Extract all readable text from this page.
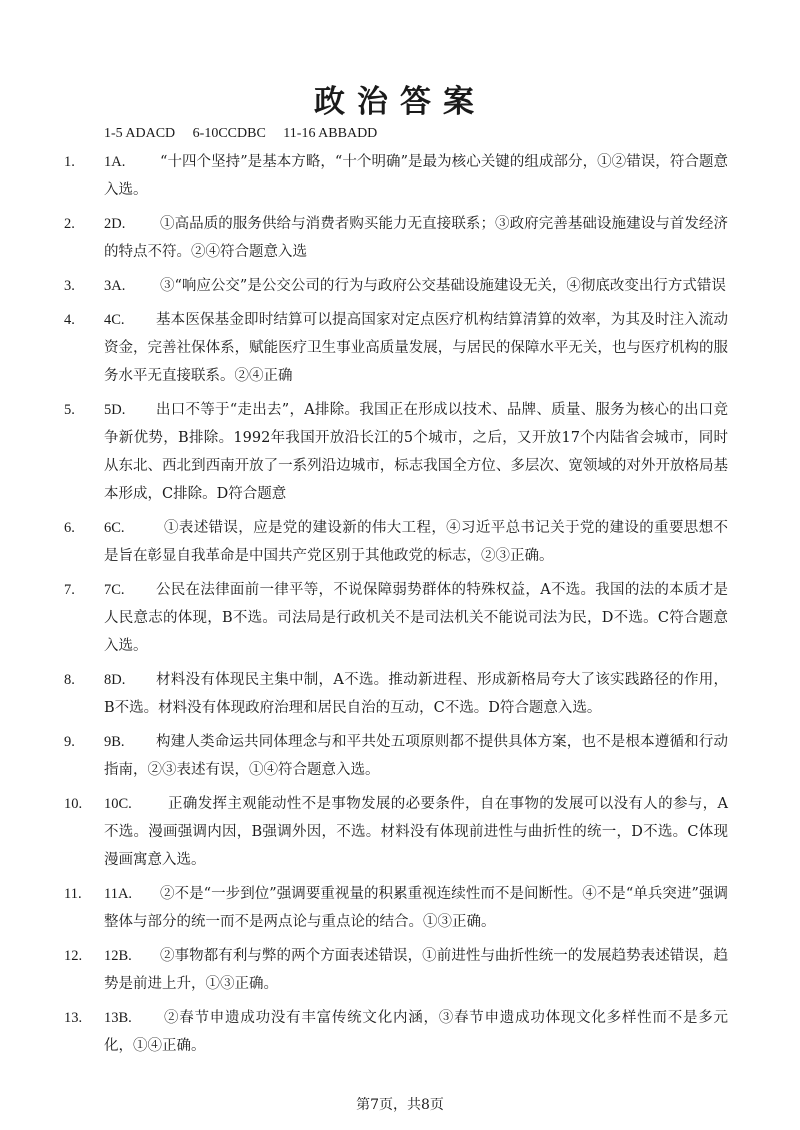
政治答案
1-5 ADACD 6-10CCDBC 11-16 ABBADD
1. 1A.	“十四个坚持”是基本方略，“十个明确”是最为核心关键的组成部分，①②错误，符合题意入选。
2. 2D.	①高品质的服务供给与消费者购买能力无直接联系；③政府完善基础设施建设与首发经济的特点不符。②④符合题意入选
3. 3A.	③“响应公交”是公交公司的行为与政府公交基础设施建设无关，④彻底改变出行方式错误
4. 4C.	基本医保基金即时结算可以提高国家对定点医疗机构结算清算的效率，为其及时注入流动资金，完善社保体系，赋能医疗卫生事业高质量发展，与居民的保障水平无关，也与医疗机构的服务水平无直接联系。②④正确
5. 5D.	出口不等于“走出去”，A排除。我国正在形成以技术、品牌、质量、服务为核心的出口竞争新优势，B排除。1992年我国开放沿长江的5个城市，之后，又开放17个内陆省会城市，同时从东北、西北到西南开放了一系列沿边城市，标志我国全方位、多层次、宽领域的对外开放格局基本形成，C排除。D符合题意
6. 6C.	①表述错误，应是党的建设新的伟大工程，④习近平总书记关于党的建设的重要思想不是旨在彰显自我革命是中国共产党区别于其他政党的标志，②③正确。
7. 7C.	公民在法律面前一律平等，不说保障弱势群体的特殊权益，A不选。我国的法的本质才是人民意志的体现，B不选。司法局是行政机关不是司法机关不能说司法为民，D不选。C符合题意入选。
8. 8D.	材料没有体现民主集中制，A不选。推动新进程、形成新格局夸大了该实践路径的作用，B不选。材料没有体现政府治理和居民自治的互动，C不选。D符合题意入选。
9. 9B.	构建人类命运共同体理念与和平共处五项原则都不提供具体方案，也不是根本遵循和行动指南，②③表述有误，①④符合题意入选。
10. 10C.	正确发挥主观能动性不是事物发展的必要条件，自在事物的发展可以没有人的参与，A不选。漫画强调内因，B强调外因，不选。材料没有体现前进性与曲折性的统一，D不选。C体现漫画寓意入选。
11. 11A.	②不是“一步到位”强调要重视量的积累重视连续性而不是间断性。④不是“单兵突进”强调整体与部分的统一而不是两点论与重点论的结合。①③正确。
12. 12B.	②事物都有利与弊的两个方面表述错误，①前进性与曲折性统一的发展趋势表述错误，趋势是前进上升，①③正确。
13. 13B.	②春节申遗成功没有丰富传统文化内涵，③春节申遗成功体现文化多样性而不是多元化，①④正确。
第7页，共8页
